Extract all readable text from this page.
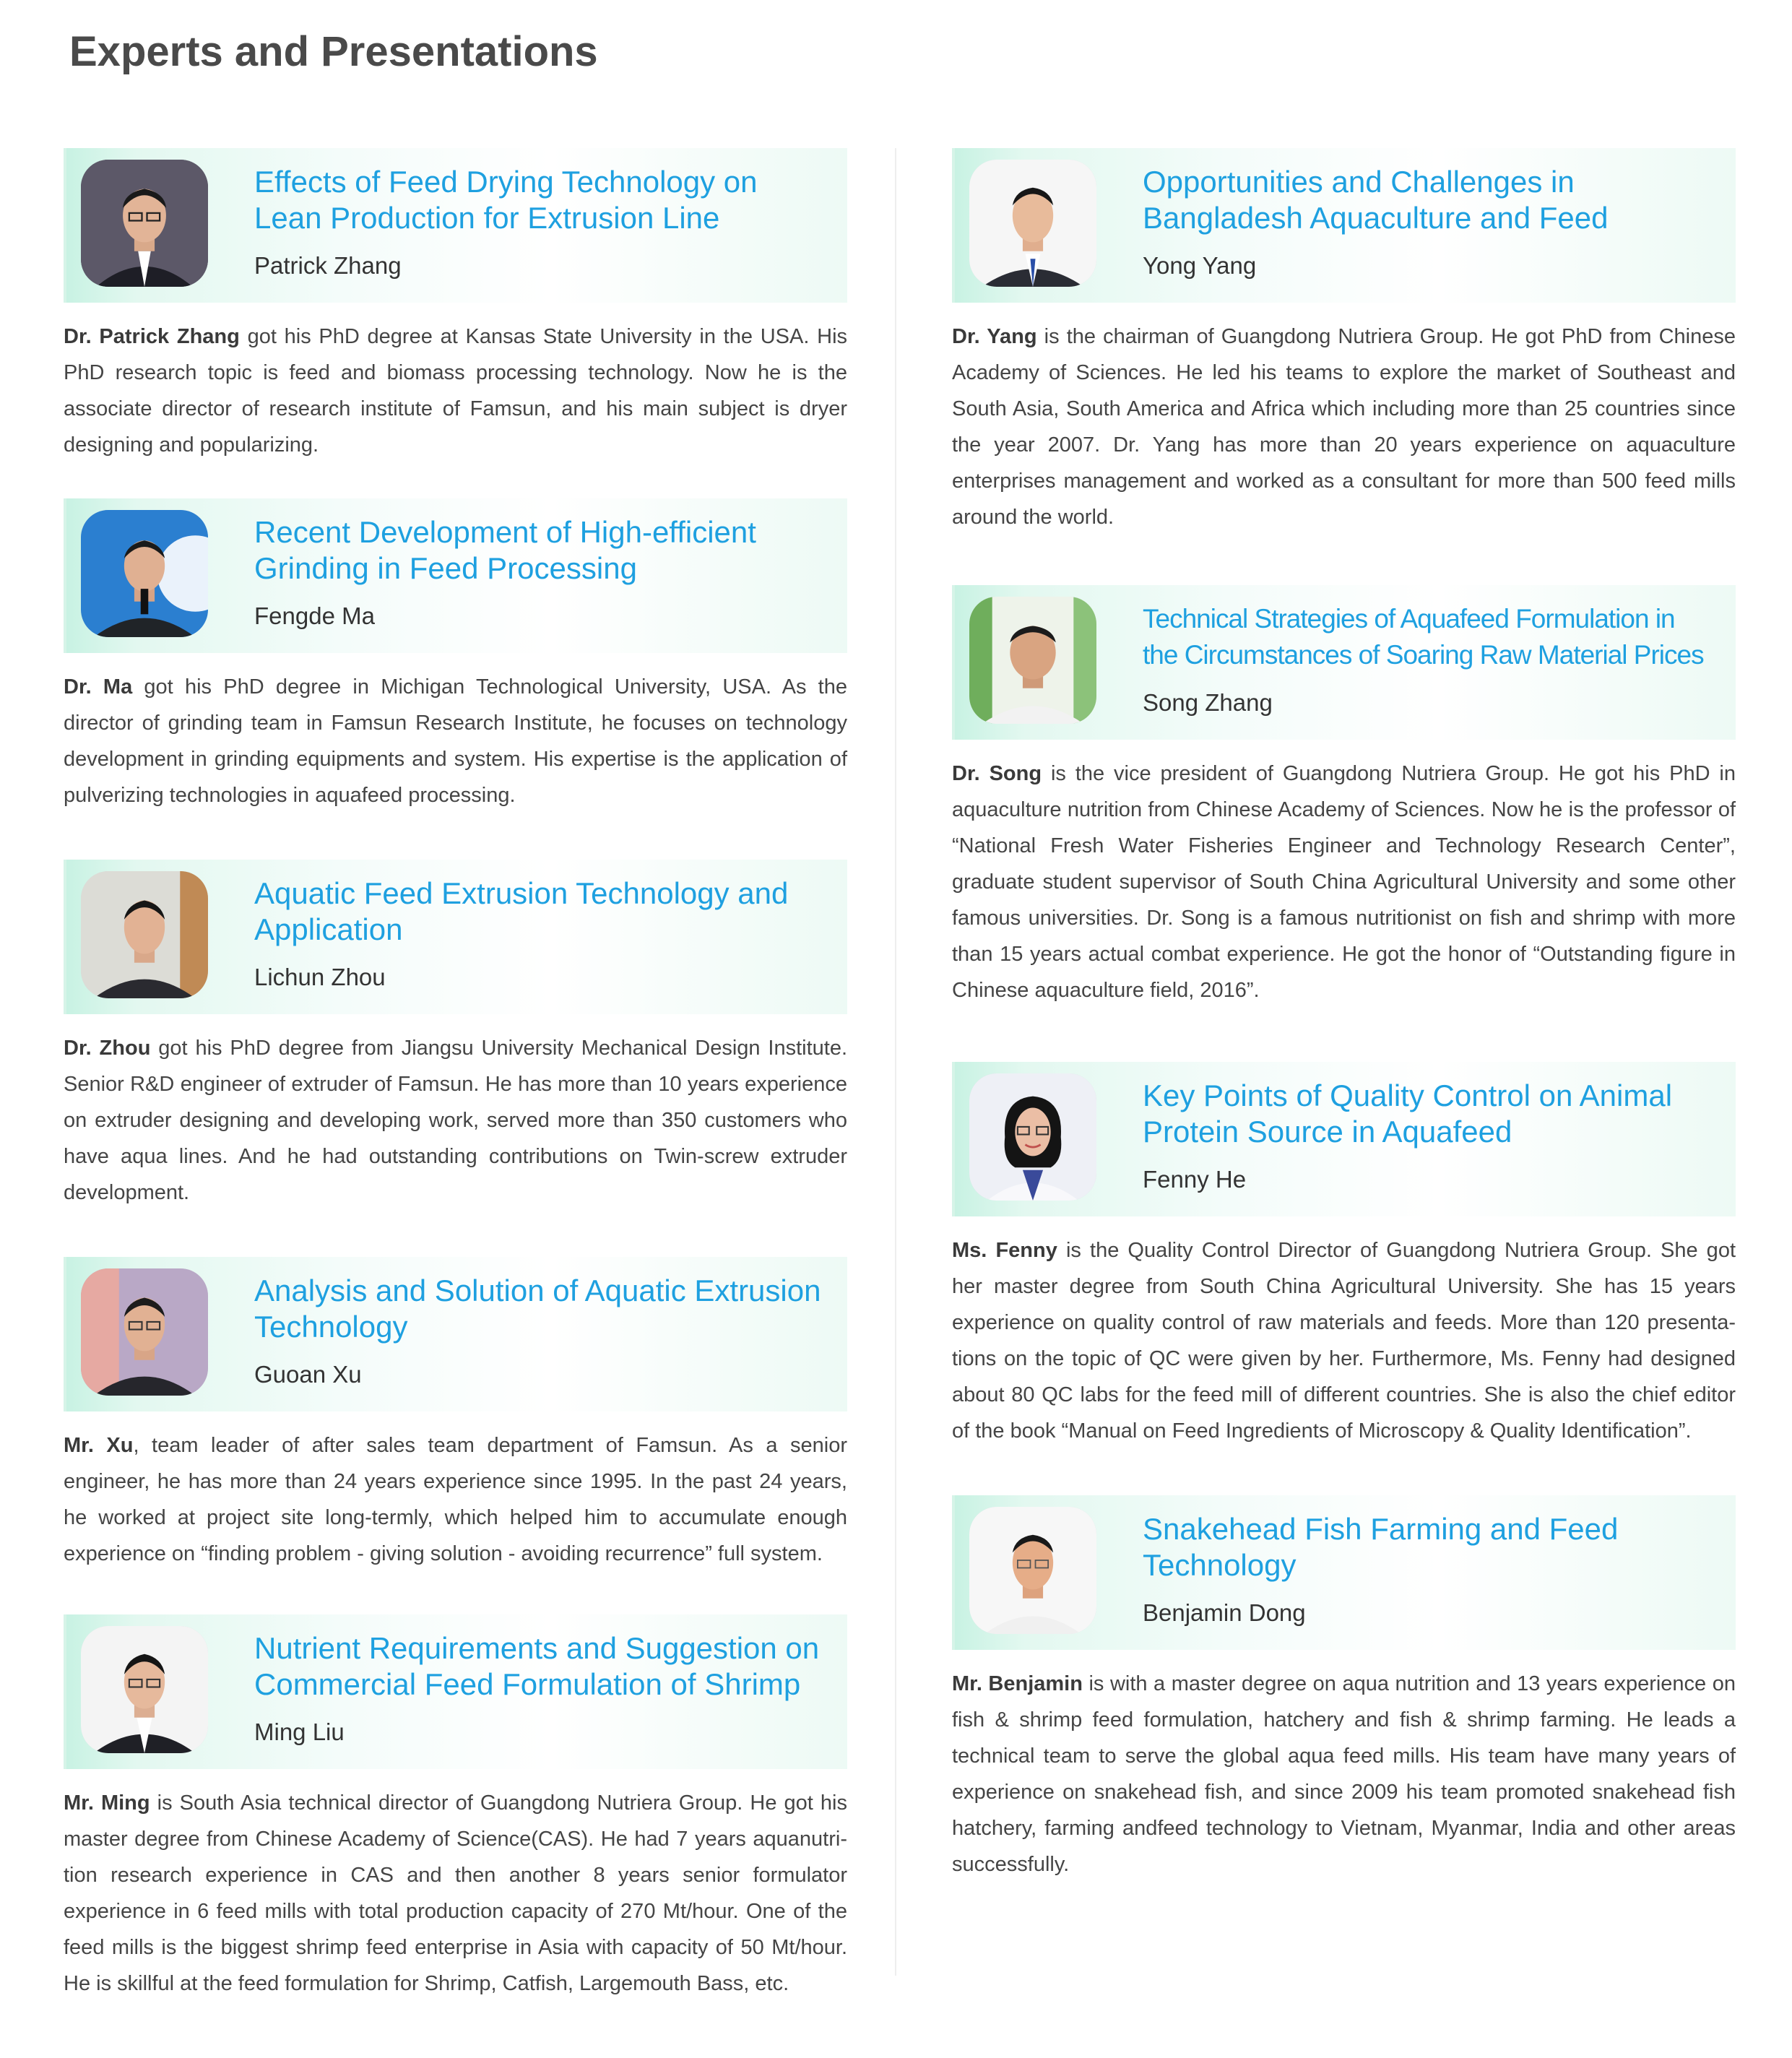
Experts and Presentations
Effects of Feed Drying Technology on Lean Production for Extrusion Line
Patrick Zhang

Dr. Patrick Zhang got his PhD degree at Kansas State University in the USA. His PhD research topic is feed and biomass processing technology. Now he is the associate director of research institute of Famsun, and his main subject is dryer designing and popularizing.

Recent Development of High-efficient Grinding in Feed Processing
Fengde Ma

Dr. Ma got his PhD degree in Michigan Technological University, USA. As the director of grinding team in Famsun Research Institute, he focuses on technology development in grinding equipments and system. His expertise is the application of pulverizing technologies in aquafeed processing.

Aquatic Feed Extrusion Technology and Application
Lichun Zhou

Dr. Zhou got his PhD degree from Jiangsu University Mechanical Design Institute. Senior R&D engineer of extruder of Famsun. He has more than 10 years experience on extruder designing and developing work, served more than 350 customers who have aqua lines. And he had outstanding contributions on Twin-screw extruder development.

Analysis and Solution of Aquatic Extrusion Technology
Guoan Xu

Mr. Xu, team leader of after sales team department of Famsun. As a senior engineer, he has more than 24 years experience since 1995. In the past 24 years, he worked at project site long-termly, which helped him to accumulate enough experience on “finding problem - giving solution - avoiding recurrence” full system.

Nutrient Requirements and Suggestion on Commercial Feed Formulation of Shrimp
Ming Liu

Mr. Ming is South Asia technical director of Guangdong Nutriera Group. He got his master degree from Chinese Academy of Science(CAS). He had 7 years aquanutri-tion research experience in CAS and then another 8 years senior formulator experience in 6 feed mills with total production capacity of 270 Mt/hour. One of the feed mills is the biggest shrimp feed enterprise in Asia with capacity of 50 Mt/hour. He is skillful at the feed formulation for Shrimp, Catfish, Largemouth Bass, etc.

Opportunities and Challenges in Bangladesh Aquaculture and Feed
Yong Yang

Dr. Yang is the chairman of Guangdong Nutriera Group. He got PhD from Chinese Academy of Sciences. He led his teams to explore the market of Southeast and South Asia, South America and Africa which including more than 25 countries since the year 2007. Dr. Yang has more than 20 years experience on aquaculture enterprises management and worked as a consultant for more than 500 feed mills around the world.

Technical Strategies of Aquafeed Formulation in the Circumstances of Soaring Raw Material Prices
Song Zhang

Dr. Song is the vice president of Guangdong Nutriera Group. He got his PhD in aquaculture nutrition from Chinese Academy of Sciences. Now he is the professor of “National Fresh Water Fisheries Engineer and Technology Research Center”, graduate student supervisor of South China Agricultural University and some other famous universities. Dr. Song is a famous nutritionist on fish and shrimp with more than 15 years actual combat experience. He got the honor of “Outstanding figure in Chinese aquaculture field, 2016”.

Key Points of Quality Control on Animal Protein Source in Aquafeed
Fenny He

Ms. Fenny is the Quality Control Director of Guangdong Nutriera Group. She got her master degree from South China Agricultural University. She has 15 years experience on quality control of raw materials and feeds. More than 120 presenta-tions on the topic of QC were given by her. Furthermore, Ms. Fenny had designed about 80 QC labs for the feed mill of different countries. She is also the chief editor of the book “Manual on Feed Ingredients of Microscopy & Quality Identification”.

Snakehead Fish Farming and Feed Technology
Benjamin Dong

Mr. Benjamin is with a master degree on aqua nutrition and 13 years experience on fish & shrimp feed formulation, hatchery and fish & shrimp farming. He leads a technical team to serve the global aqua feed mills. His team have many years of experience on snakehead fish, and since 2009 his team promoted snakehead fish hatchery, farming andfeed technology to Vietnam, Myanmar, India and other areas successfully.
